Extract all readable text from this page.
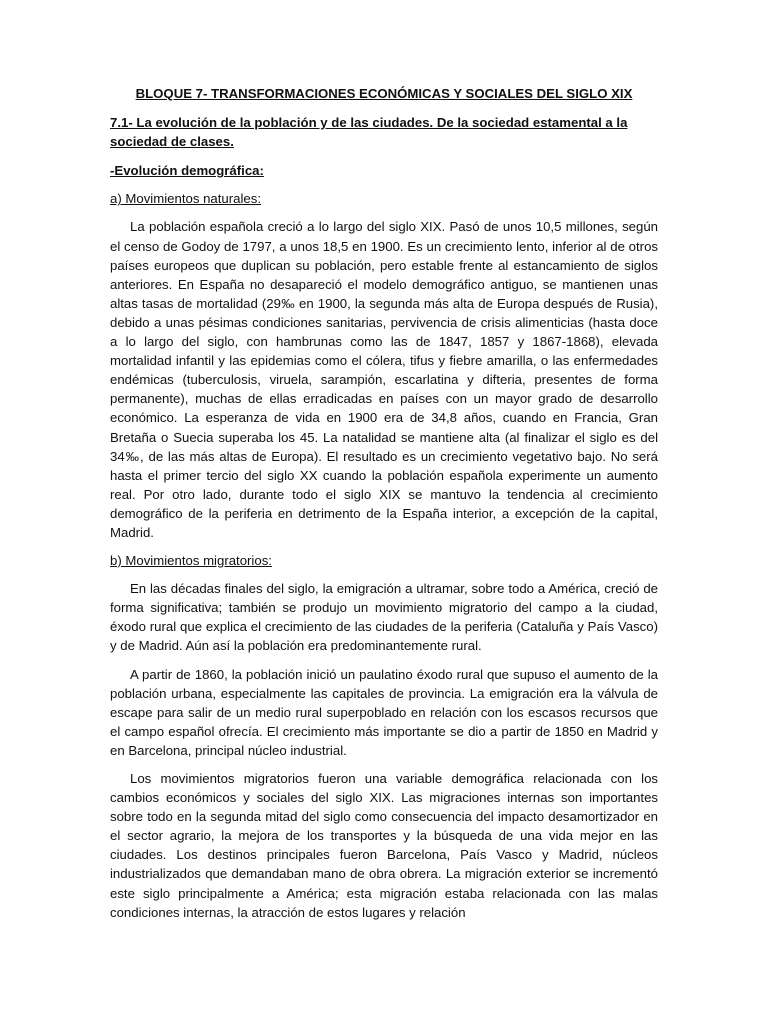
BLOQUE 7- TRANSFORMACIONES ECONÓMICAS Y SOCIALES DEL SIGLO XIX

7.1- La evolución de la población y de las ciudades. De la sociedad estamental a la sociedad de clases.

-Evolución demográfica:

a) Movimientos naturales:

La población española creció a lo largo del siglo XIX. Pasó de unos 10,5 millones, según el censo de Godoy de 1797, a unos 18,5 en 1900. Es un crecimiento lento, inferior al de otros países europeos que duplican su población, pero estable frente al estancamiento de siglos anteriores. En España no desapareció el modelo demográfico antiguo, se mantienen unas altas tasas de mortalidad (29‰ en 1900, la segunda más alta de Europa después de Rusia), debido a unas pésimas condiciones sanitarias, pervivencia de crisis alimenticias (hasta doce a lo largo del siglo, con hambrunas como las de 1847, 1857 y 1867-1868), elevada mortalidad infantil y las epidemias como el cólera, tifus y fiebre amarilla, o las enfermedades endémicas (tuberculosis, viruela, sarampión, escarlatina y difteria, presentes de forma permanente), muchas de ellas erradicadas en países con un mayor grado de desarrollo económico. La esperanza de vida en 1900 era de 34,8 años, cuando en Francia, Gran Bretaña o Suecia superaba los 45. La natalidad se mantiene alta (al finalizar el siglo es del 34‰, de las más altas de Europa). El resultado es un crecimiento vegetativo bajo. No será hasta el primer tercio del siglo XX cuando la población española experimente un aumento real. Por otro lado, durante todo el siglo XIX se mantuvo la tendencia al crecimiento demográfico de la periferia en detrimento de la España interior, a excepción de la capital, Madrid.

b) Movimientos migratorios:

En las décadas finales del siglo, la emigración a ultramar, sobre todo a América, creció de forma significativa; también se produjo un movimiento migratorio del campo a la ciudad, éxodo rural que explica el crecimiento de las ciudades de la periferia (Cataluña y País Vasco) y de Madrid. Aún así la población era predominantemente rural.

A partir de 1860, la población inició un paulatino éxodo rural que supuso el aumento de la población urbana, especialmente las capitales de provincia. La emigración era la válvula de escape para salir de un medio rural superpoblado en relación con los escasos recursos que el campo español ofrecía. El crecimiento más importante se dio a partir de 1850 en Madrid y en Barcelona, principal núcleo industrial.

Los movimientos migratorios fueron una variable demográfica relacionada con los cambios económicos y sociales del siglo XIX. Las migraciones internas son importantes sobre todo en la segunda mitad del siglo como consecuencia del impacto desamortizador en el sector agrario, la mejora de los transportes y la búsqueda de una vida mejor en las ciudades. Los destinos principales fueron Barcelona, País Vasco y Madrid, núcleos industrializados que demandaban mano de obra obrera. La migración exterior se incrementó este siglo principalmente a América; esta migración estaba relacionada con las malas condiciones internas, la atracción de estos lugares y relación
